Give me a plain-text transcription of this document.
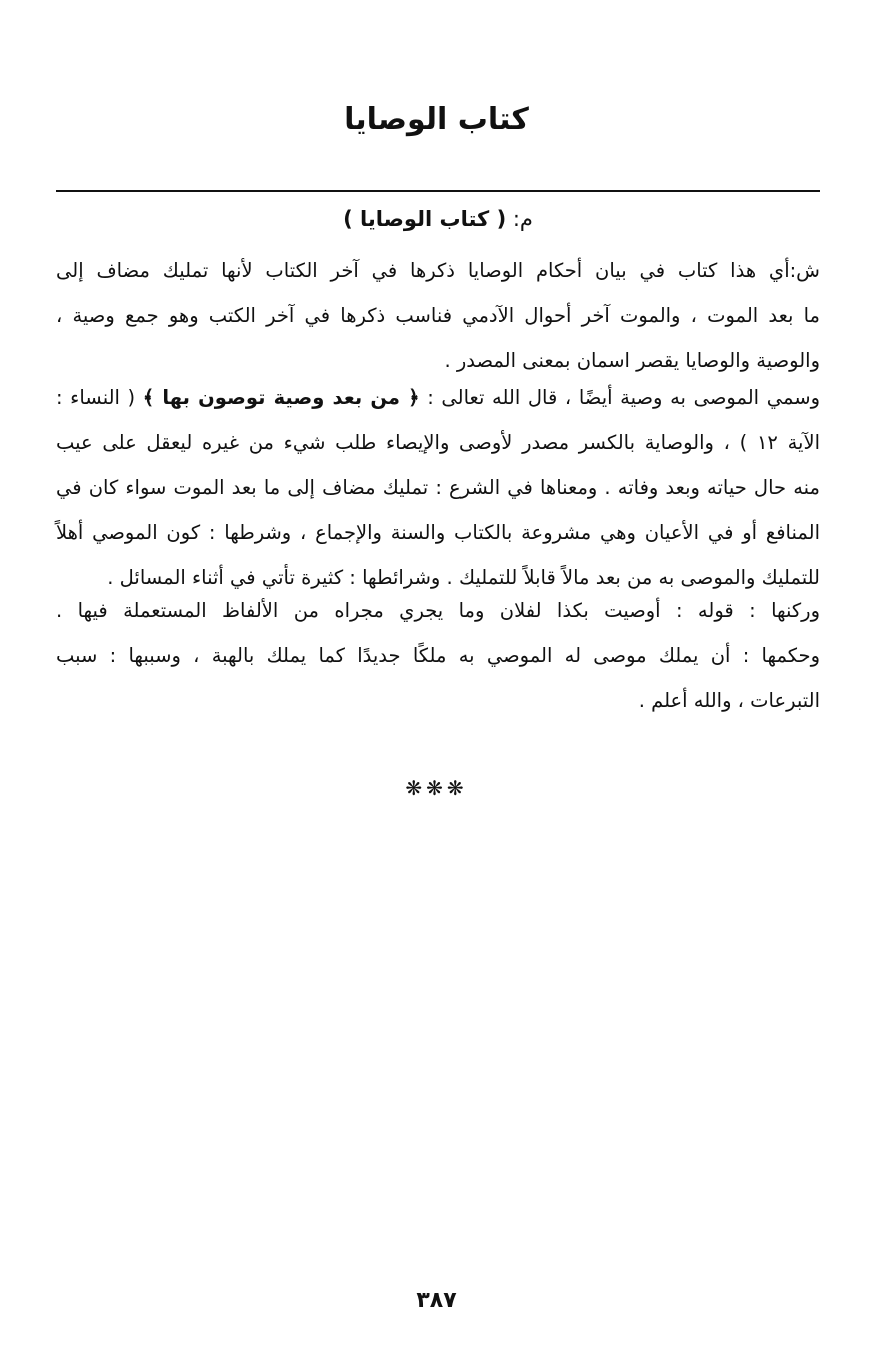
كتاب الوصايا
م: ( كتاب الوصايا )
ش:أي هذا كتاب في بيان أحكام الوصايا ذكرها في آخر الكتاب لأنها تمليك مضاف إلى
ما بعد الموت ، والموت آخر أحوال الآدمي فناسب ذكرها في آخر الكتب وهو جمع وصية ،
والوصية والوصايا يقصر اسمان بمعنى المصدر .
وسمي الموصى به وصية أيضًا ، قال الله تعالى : ﴿ من بعد وصية توصون بها ﴾ ( النساء :
الآية ١٢ ) ، والوصاية بالكسر مصدر لأوصى والإيصاء طلب شيء من غيره ليعقل على عيب
منه حال حياته وبعد وفاته . ومعناها في الشرع : تمليك مضاف إلى ما بعد الموت سواء كان في
المنافع أو في الأعيان وهي مشروعة بالكتاب والسنة والإجماع ، وشرطها : كون الموصي أهلاً
للتمليك والموصى به من بعد مالاً قابلاً للتمليك . وشرائطها : كثيرة تأتي في أثناء المسائل .
وركنها : قوله : أوصيت بكذا لفلان وما يجري مجراه من الألفاظ المستعملة فيها .
وحكمها : أن يملك موصى له الموصي به ملكًا جديدًا كما يملك بالهبة ، وسببها : سبب
التبرعات ، والله أعلم .
❋❋❋
٣٨٧
